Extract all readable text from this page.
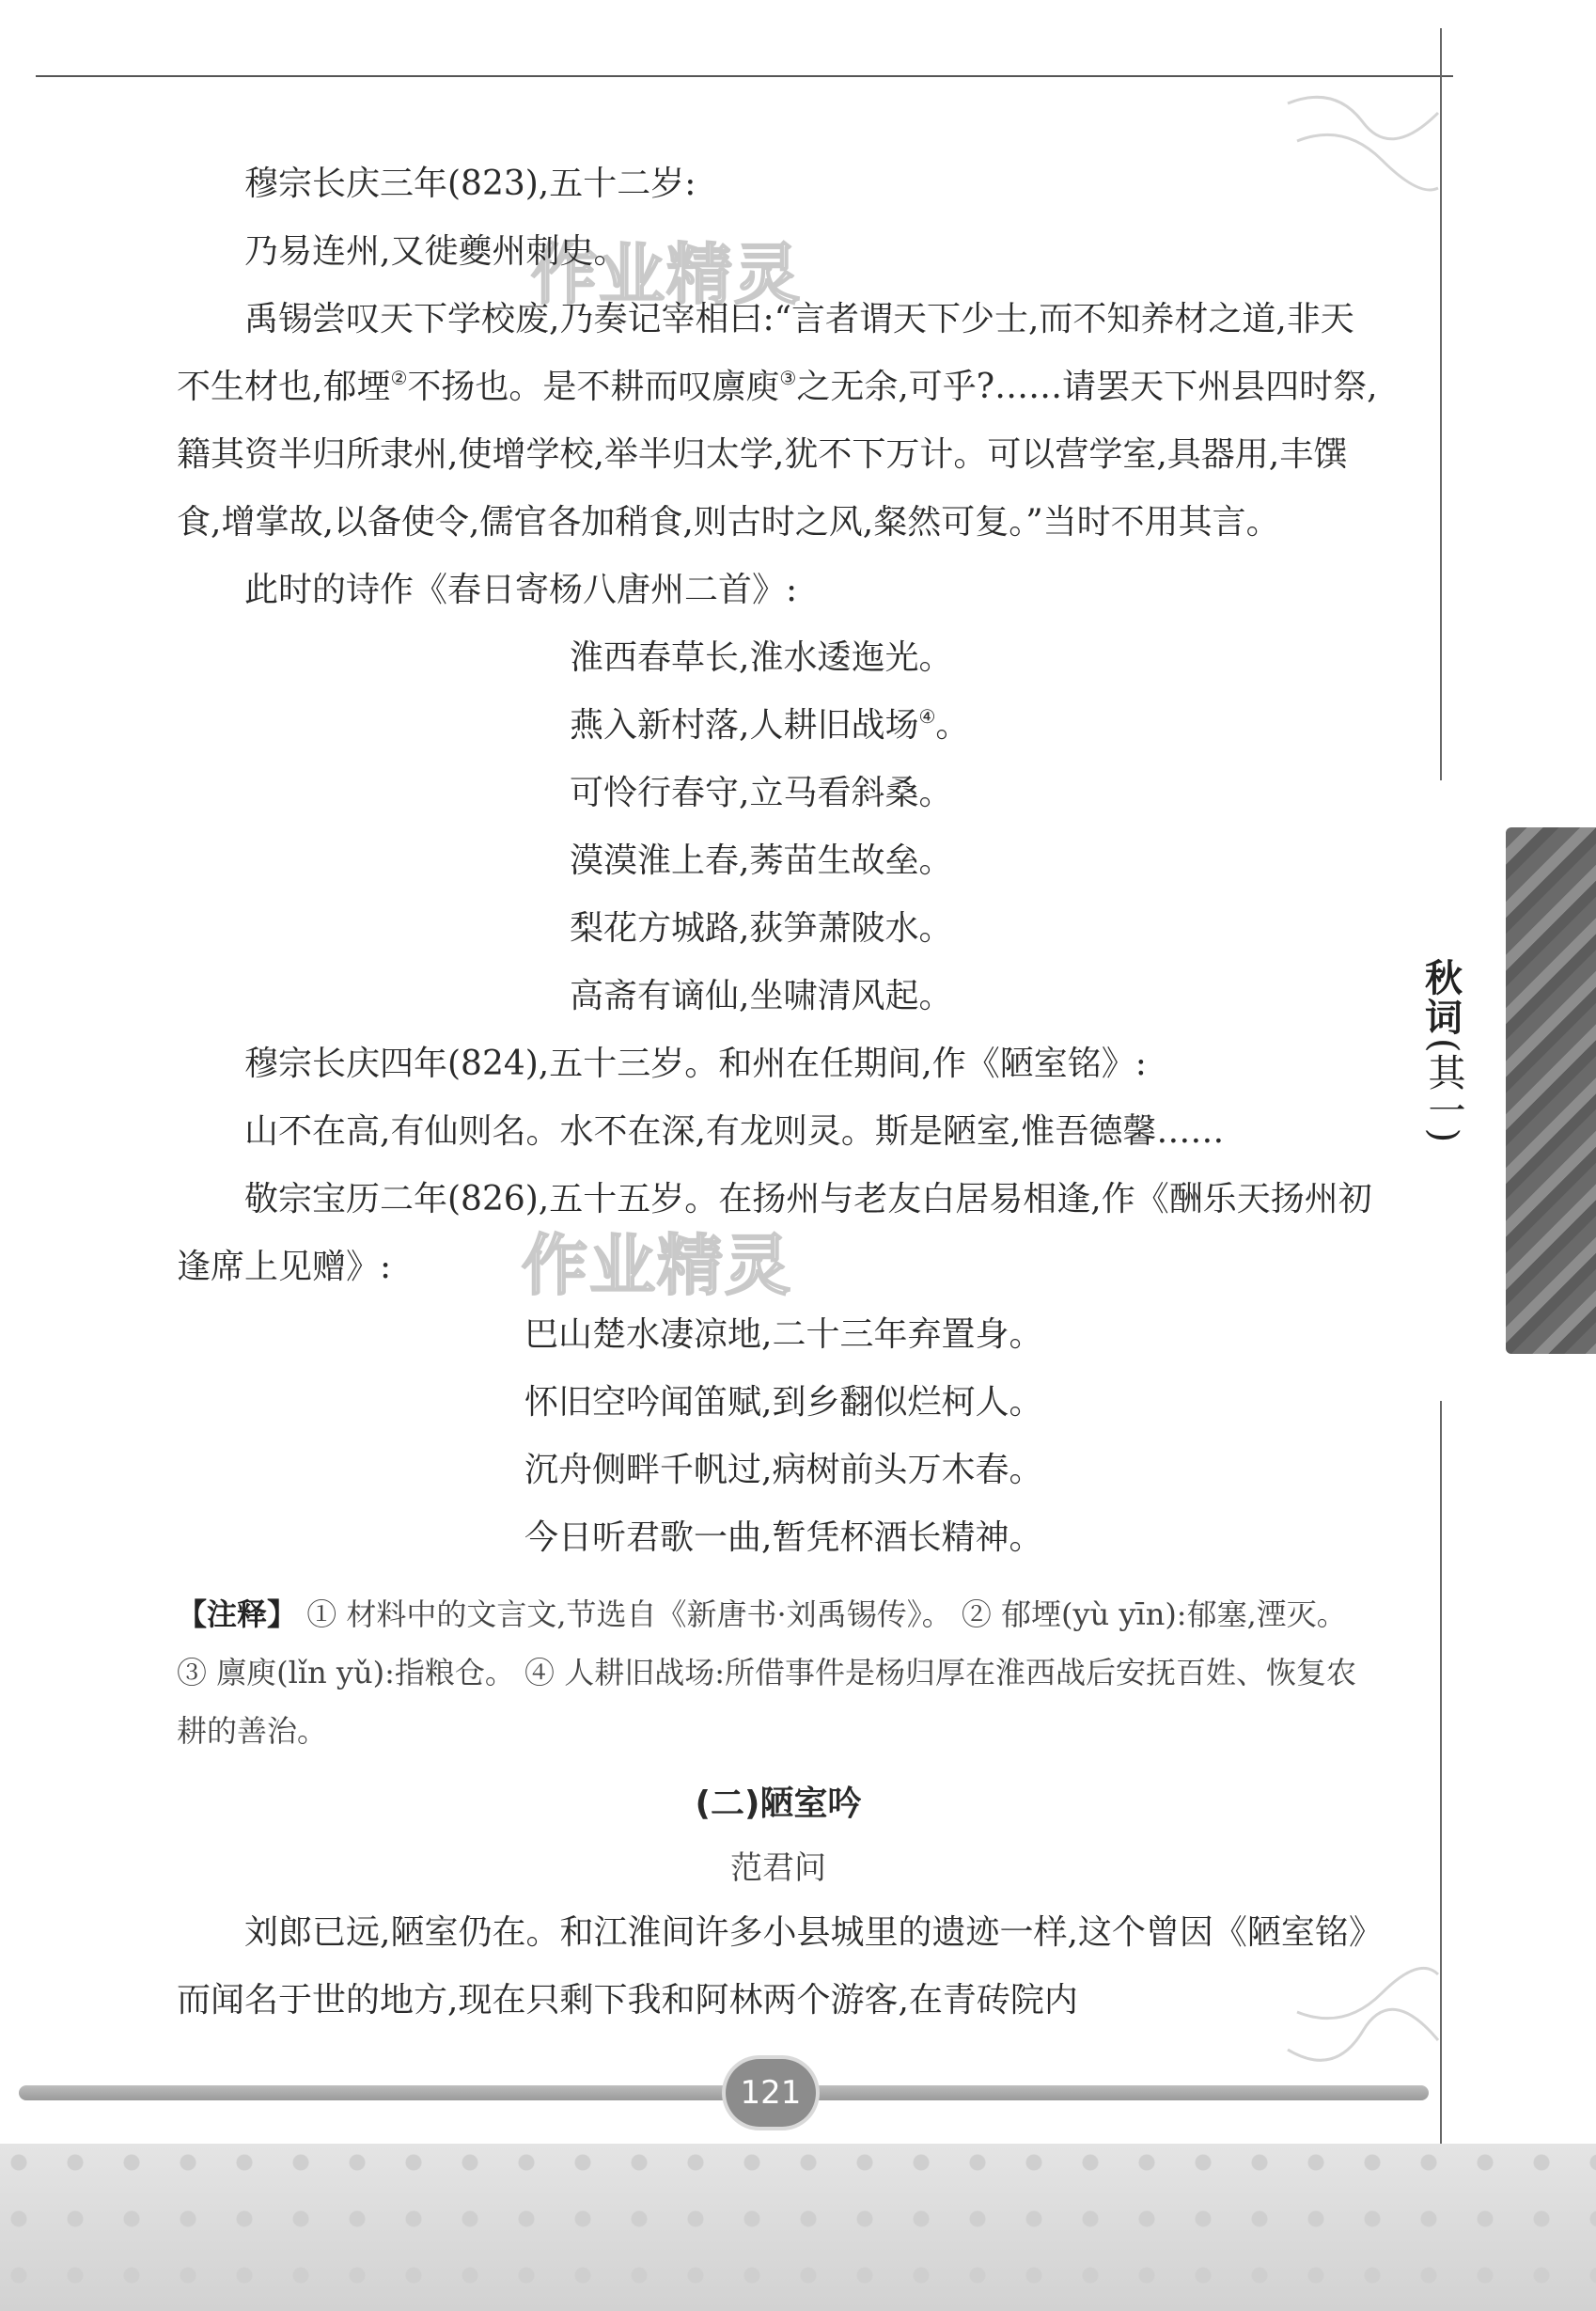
秋
词
(其一)
作业精灵
作业精灵

穆宗长庆三年(823),五十二岁:

乃易连州,又徙夔州刺史。

禹锡尝叹天下学校废,乃奏记宰相曰:“言者谓天下少士,而不知养材之道,非天不生材也,郁堙②不扬也。是不耕而叹廪庾③之无余,可乎?……请罢天下州县四时祭,籍其资半归所隶州,使增学校,举半归太学,犹不下万计。可以营学室,具器用,丰馔食,增掌故,以备使令,儒官各加稍食,则古时之风,粲然可复。”当时不用其言。

此时的诗作《春日寄杨八唐州二首》:

淮西春草长,淮水逶迤光。

燕入新村落,人耕旧战场④。

可怜行春守,立马看斜桑。

漠漠淮上春,莠苗生故垒。

梨花方城路,荻笋萧陂水。

高斋有谪仙,坐啸清风起。

穆宗长庆四年(824),五十三岁。和州在任期间,作《陋室铭》:

山不在高,有仙则名。水不在深,有龙则灵。斯是陋室,惟吾德馨……

敬宗宝历二年(826),五十五岁。在扬州与老友白居易相逢,作《酬乐天扬州初逢席上见赠》:

巴山楚水凄凉地,二十三年弃置身。

怀旧空吟闻笛赋,到乡翻似烂柯人。

沉舟侧畔千帆过,病树前头万木春。

今日听君歌一曲,暂凭杯酒长精神。

【注释】 ① 材料中的文言文,节选自《新唐书·刘禹锡传》。 ② 郁堙(yù yīn):郁塞,湮灭。 ③ 廪庾(lǐn yǔ):指粮仓。 ④ 人耕旧战场:所借事件是杨归厚在淮西战后安抚百姓、恢复农耕的善治。

(二)陋室吟
范君问

刘郎已远,陋室仍在。和江淮间许多小县城里的遗迹一样,这个曾因《陋室铭》而闻名于世的地方,现在只剩下我和阿林两个游客,在青砖院内

121
